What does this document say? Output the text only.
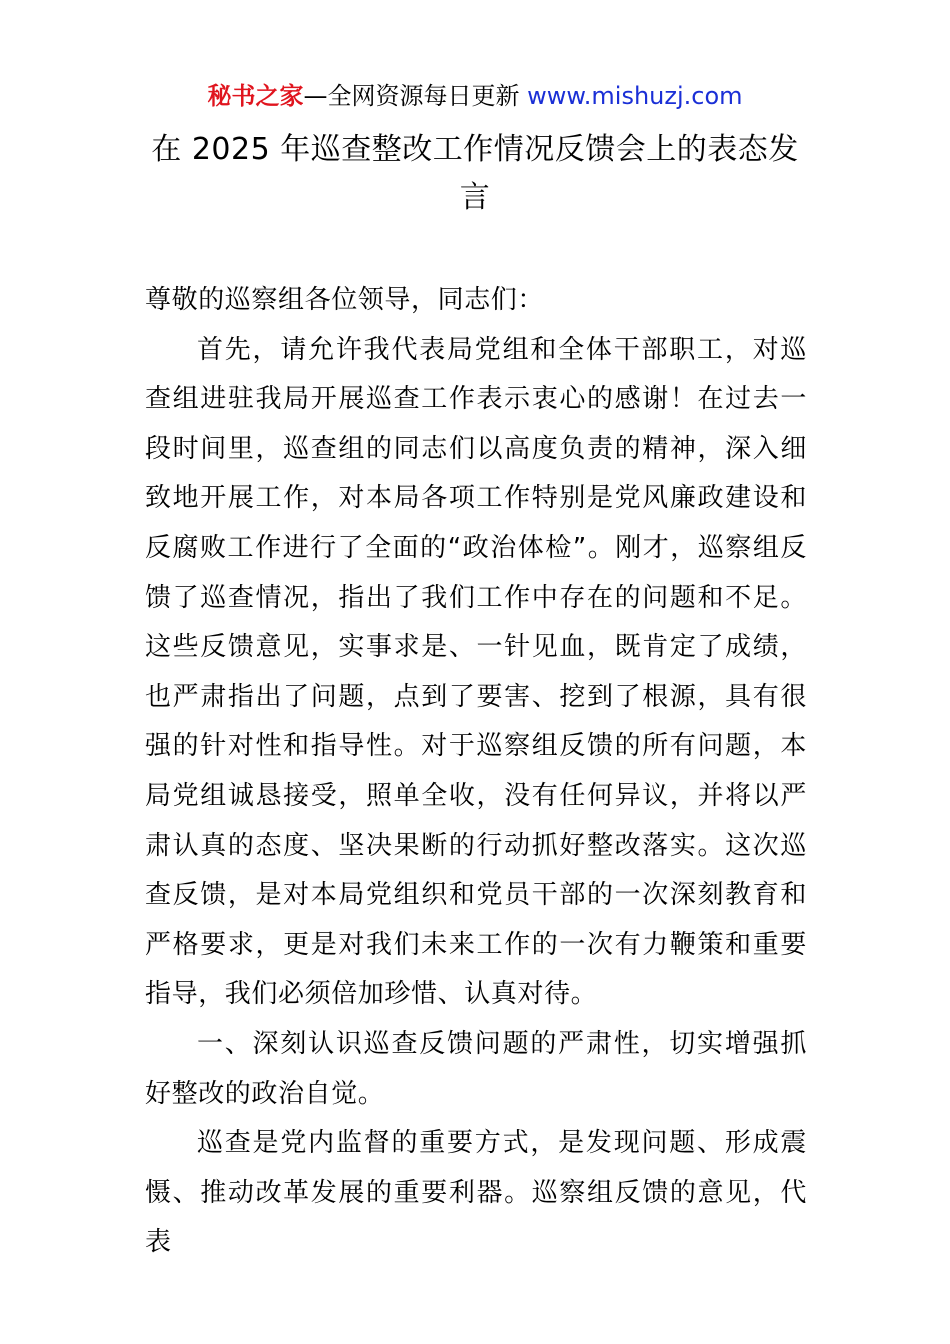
秘书之家—全网资源每日更新 www.mishuzj.com
在 2025 年巡查整改工作情况反馈会上的表态发言

尊敬的巡察组各位领导，同志们：

首先，请允许我代表局党组和全体干部职工，对巡查组进驻我局开展巡查工作表示衷心的感谢！在过去一段时间里，巡查组的同志们以高度负责的精神，深入细致地开展工作，对本局各项工作特别是党风廉政建设和反腐败工作进行了全面的“政治体检”。刚才，巡察组反馈了巡查情况，指出了我们工作中存在的问题和不足。这些反馈意见，实事求是、一针见血，既肯定了成绩，也严肃指出了问题，点到了要害、挖到了根源，具有很强的针对性和指导性。对于巡察组反馈的所有问题，本局党组诚恳接受，照单全收，没有任何异议，并将以严肃认真的态度、坚决果断的行动抓好整改落实。这次巡查反馈，是对本局党组织和党员干部的一次深刻教育和严格要求，更是对我们未来工作的一次有力鞭策和重要指导，我们必须倍加珍惜、认真对待。

一、深刻认识巡查反馈问题的严肃性，切实增强抓好整改的政治自觉。

巡查是党内监督的重要方式，是发现问题、形成震慑、推动改革发展的重要利器。巡察组反馈的意见，代表
